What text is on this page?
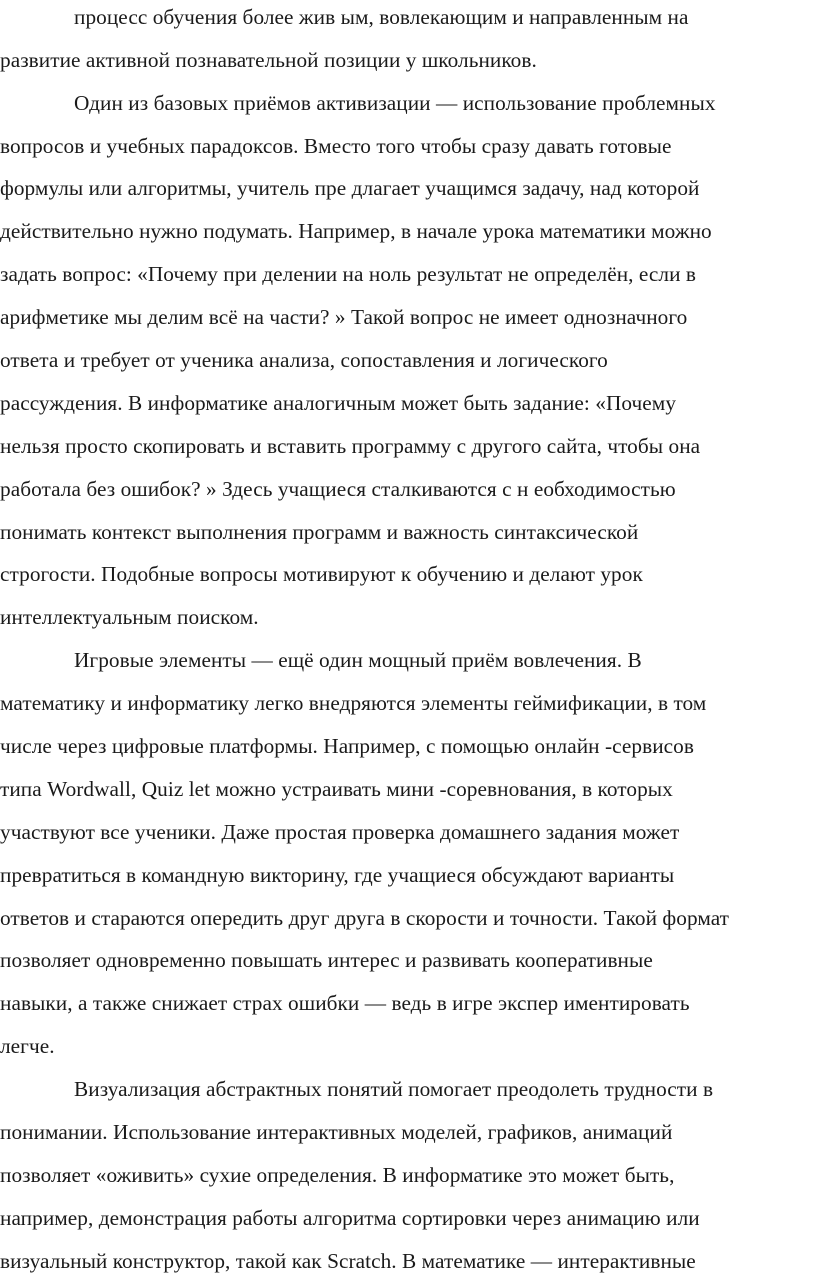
процесс обучения более жив ым, вовлекающим и направленным на

развитие активной познавательной позиции у школьников.

Один из базовых приёмов активизации — использование проблемных

вопросов и учебных парадоксов. Вместо того чтобы сразу давать готовые

формулы или алгоритмы, учитель пре длагает учащимся задачу, над которой

действительно нужно подумать. Например, в начале урока математики можно

задать вопрос: «Почему при делении на ноль результат не определён, если в

арифметике мы делим всё на части? » Такой вопрос не имеет однозначного

ответа и требует от ученика анализа, сопоставления и логического

рассуждения. В информатике аналогичным может быть задание: «Почему

нельзя просто скопировать и вставить программу с другого сайта, чтобы она

работала без ошибок? » Здесь учащиеся сталкиваются с н еобходимостью

понимать контекст выполнения программ и важность синтаксической

строгости. Подобные вопросы мотивируют к обучению и делают урок

интеллектуальным поиском.

Игровые элементы — ещё один мощный приём вовлечения. В

математику и информатику легко внедряются элементы геймификации, в том

числе через цифровые платформы. Например, с помощью онлайн -сервисов

типа Wordwall, Quiz let можно устраивать мини -соревнования, в которых

участвуют все ученики. Даже простая проверка домашнего задания может

превратиться в командную викторину, где учащиеся обсуждают варианты

ответов и стараются опередить друг друга в скорости и точности. Такой формат

позволяет одновременно повышать интерес и развивать кооперативные

навыки, а также снижает страх ошибки — ведь в игре экспер иментировать

легче.

Визуализация абстрактных понятий помогает преодолеть трудности в

понимании. Использование интерактивных моделей, графиков, анимаций

позволяет «оживить» сухие определения. В информатике это может быть,

например, демонстрация работы алгоритма сортировки через анимацию или

визуальный конструктор, такой как Scratch. В математике — интерактивные
